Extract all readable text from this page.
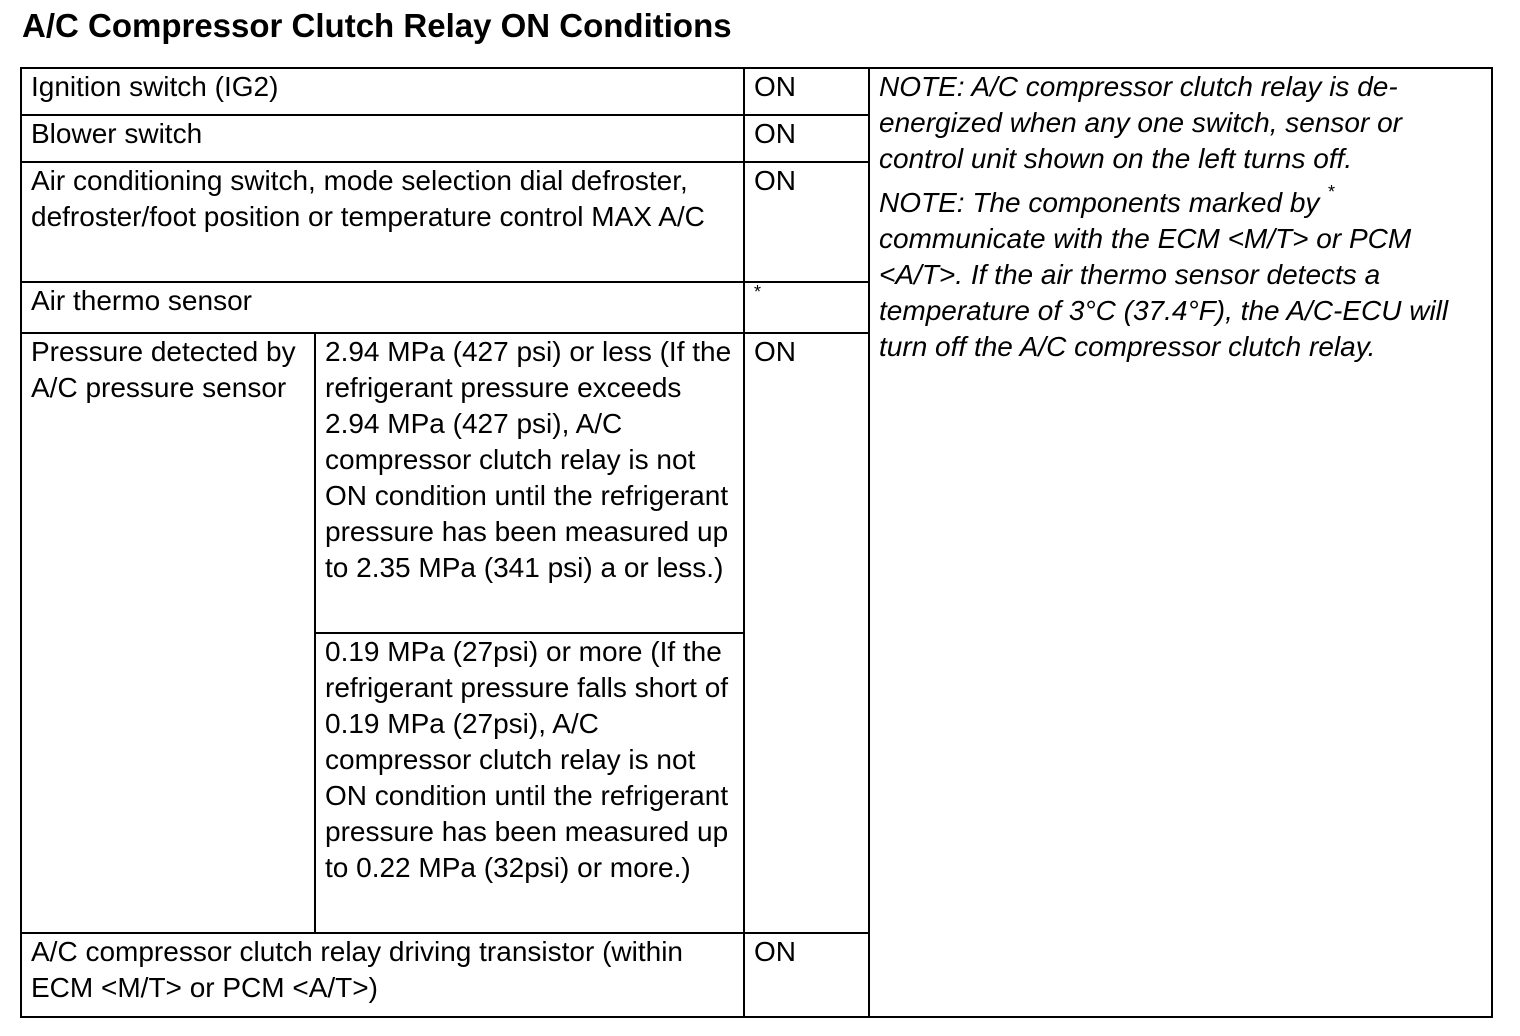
A/C Compressor Clutch Relay ON Conditions
Ignition switch (IG2)		ON	NOTE: A/C compressor clutch relay is de-energized when any one switch, sensor or control unit shown on the left turns off.

NOTE: The components marked by * communicate with the ECM <M/T> or PCM <A/T>. If the air thermo sensor detects a temperature of 3°C (37.4°F), the A/C-ECU will turn off the A/C compressor clutch relay.

Blower switch		ON	
Air conditioning switch, mode selection dial defroster, defroster/foot position or temperature control MAX A/C		ON	
Air thermo sensor		*
Pressure detected by A/C pressure sensor	2.94 MPa (427 psi) or less (If the refrigerant pressure exceeds 2.94 MPa (427 psi), A/C compressor clutch relay is not ON condition until the refrigerant pressure has been measured up to 2.35 MPa (341 psi) a or less.)	ON	
	0.19 MPa (27psi) or more (If the refrigerant pressure falls short of 0.19 MPa (27psi), A/C compressor clutch relay is not ON condition until the refrigerant pressure has been measured up to 0.22 MPa (32psi) or more.)		
A/C compressor clutch relay driving transistor (within ECM <M/T> or PCM <A/T>)		ON	
